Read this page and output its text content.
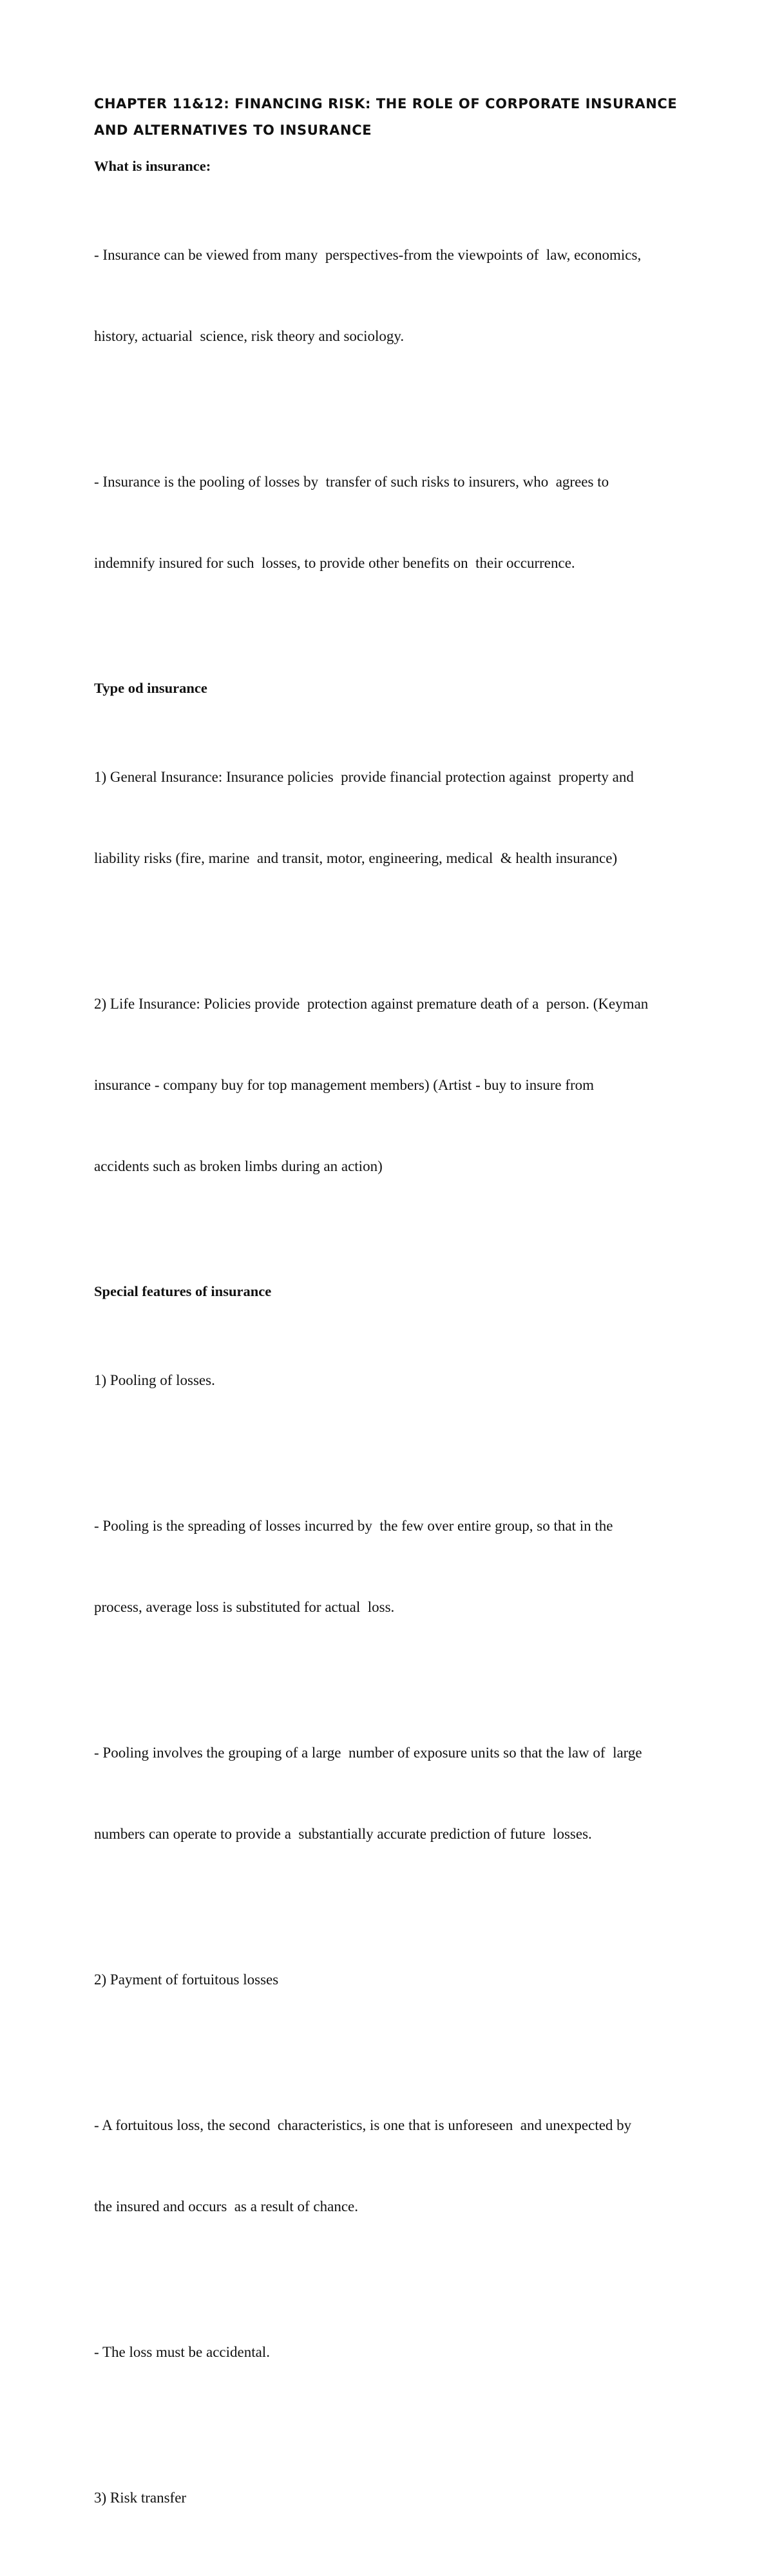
CHAPTER 11&12: FINANCING RISK: THE ROLE OF CORPORATE INSURANCE
AND ALTERNATIVES TO INSURANCE
What is insurance:

- Insurance can be viewed from many  perspectives-from the viewpoints of  law, economics,

history, actuarial  science, risk theory and sociology.

- Insurance is the pooling of losses by  transfer of such risks to insurers, who  agrees to

indemnify insured for such  losses, to provide other benefits on  their occurrence.

Type od insurance

1) General Insurance: Insurance policies  provide financial protection against  property and

liability risks (fire, marine  and transit, motor, engineering, medical  & health insurance)

2) Life Insurance: Policies provide  protection against premature death of a  person. (Keyman

insurance - company buy for top management members) (Artist - buy to insure from

accidents such as broken limbs during an action)

Special features of insurance

1) Pooling of losses.

- Pooling is the spreading of losses incurred by  the few over entire group, so that in the

process, average loss is substituted for actual  loss.

- Pooling involves the grouping of a large  number of exposure units so that the law of  large

numbers can operate to provide a  substantially accurate prediction of future  losses.

2) Payment of fortuitous losses

- A fortuitous loss, the second  characteristics, is one that is unforeseen  and unexpected by

the insured and occurs  as a result of chance.

- The loss must be accidental.

3) Risk transfer
